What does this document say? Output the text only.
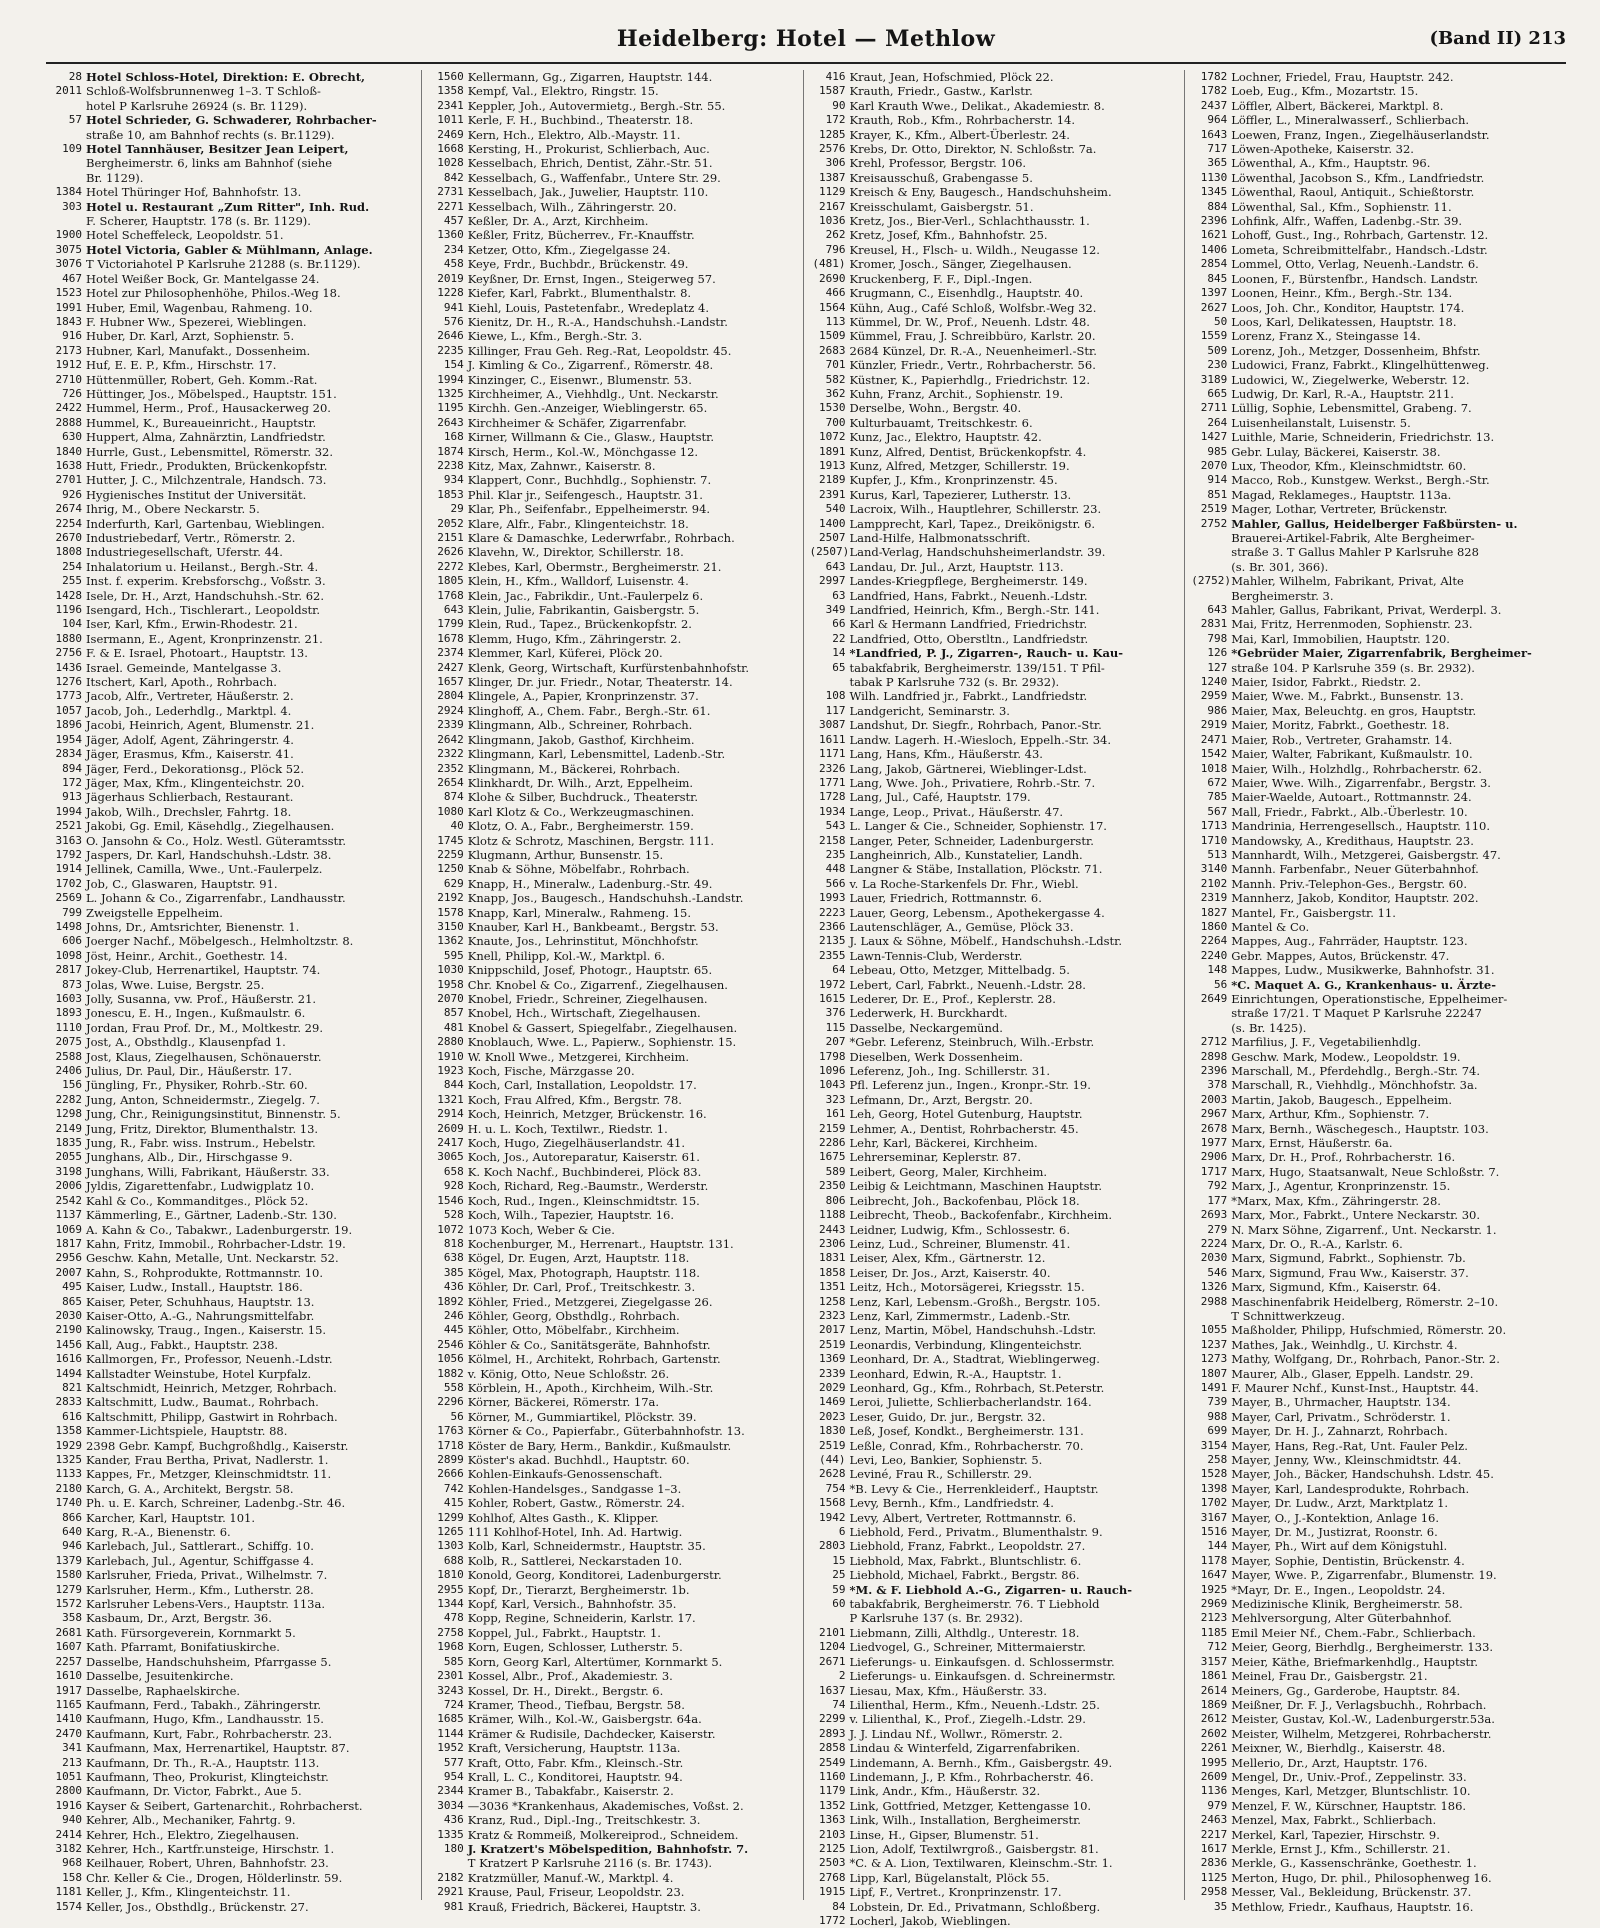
Heidelberg: Hotel — Methlow	(Band II) 213
28 Hotel Schloss-Hotel, Direktion: E. Obrecht,
2011 Schloß-Wolfsbrunnenweg 1–3. T Schloß-
hotel P Karlsruhe 26924 (s. Br. 1129).
57 Hotel Schrieder, G. Schwaderer, Rohrbacher-
straße 10, am Bahnhof rechts (s. Br.1129).
109 Hotel Tannhäuser, Besitzer Jean Leipert,
Bergheimerstr. 6, links am Bahnhof (siehe
Br. 1129).
1384 Hotel Thüringer Hof, Bahnhofstr. 13.
303 Hotel u. Restaurant „Zum Ritter", Inh. Rud.
F. Scherer, Hauptstr. 178 (s. Br. 1129).
1900 Hotel Scheffeleck, Leopoldstr. 51.
3075 Hotel Victoria, Gabler & Mühlmann, Anlage.
3076 T Victoriahotel P Karlsruhe 21288 (s. Br.1129).
467 Hotel Weißer Bock, Gr. Mantelgasse 24.
1523 Hotel zur Philosophenhöhe, Philos.-Weg 18.
1991 Huber, Emil, Wagenbau, Rahmeng. 10.
1843 F. Hubner Ww., Spezerei, Wieblingen.
916 Huber, Dr. Karl, Arzt, Sophienstr. 5.
2173 Hubner, Karl, Manufakt., Dossenheim.
1912 Huf, E. E. P., Kfm., Hirschstr. 17.
2710 Hüttenmüller, Robert, Geh. Komm.-Rat.
726 Hüttinger, Jos., Möbelsped., Hauptstr. 151.
2422 Hummel, Herm., Prof., Hausackerweg 20.
2888 Hummel, K., Bureaueinricht., Hauptstr.
630 Huppert, Alma, Zahnärztin, Landfriedstr.
1840 Hurrle, Gust., Lebensmittel, Römerstr. 32.
1638 Hutt, Friedr., Produkten, Brückenkopfstr.
2701 Hutter, J. C., Milchzentrale, Handsch. 73.
926 Hygienisches Institut der Universität.
2674 Ihrig, M., Obere Neckarstr. 5.
2254 Inderfurth, Karl, Gartenbau, Wieblingen.
2670 Industriebedarf, Vertr., Römerstr. 2.
1808 Industriegesellschaft, Uferstr. 44.
254 Inhalatorium u. Heilanst., Bergh.-Str. 4.
255 Inst. f. experim. Krebsforschg., Voßstr. 3.
1428 Isele, Dr. H., Arzt, Handschuhsh.-Str. 62.
1196 Isengard, Hch., Tischlerart., Leopoldstr.
104 Iser, Karl, Kfm., Erwin-Rhodestr. 21.
1880 Isermann, E., Agent, Kronprinzenstr. 21.
2756 F. & E. Israel, Photoart., Hauptstr. 13.
1436 Israel. Gemeinde, Mantelgasse 3.
1276 Itschert, Karl, Apoth., Rohrbach.
1773 Jacob, Alfr., Vertreter, Häußerstr. 2.
1057 Jacob, Joh., Lederhdlg., Marktpl. 4.
1896 Jacobi, Heinrich, Agent, Blumenstr. 21.
1954 Jäger, Adolf, Agent, Zähringerstr. 4.
2834 Jäger, Erasmus, Kfm., Kaiserstr. 41.
894 Jäger, Ferd., Dekorationsg., Plöck 52.
172 Jäger, Max, Kfm., Klingenteichstr. 20.
913 Jägerhaus Schlierbach, Restaurant.
1994 Jakob, Wilh., Drechsler, Fahrtg. 18.
2521 Jakobi, Gg. Emil, Käsehdlg., Ziegelhausen.
3163 O. Jansohn & Co., Holz. Westl. Güteramtsstr.
1792 Jaspers, Dr. Karl, Handschuhsh.-Ldstr. 38.
1914 Jellinek, Camilla, Wwe., Unt.-Faulerpelz.
1702 Job, C., Glaswaren, Hauptstr. 91.
2569 L. Johann & Co., Zigarrenfabr., Landhausstr.
799 Zweigstelle Eppelheim.
1498 Johns, Dr., Amtsrichter, Bienenstr. 1.
606 Joerger Nachf., Möbelgesch., Helmholtzstr. 8.
1098 Jöst, Heinr., Archit., Goethestr. 14.
2817 Jokey-Club, Herrenartikel, Hauptstr. 74.
873 Jolas, Wwe. Luise, Bergstr. 25.
1603 Jolly, Susanna, vw. Prof., Häußerstr. 21.
1893 Jonescu, E. H., Ingen., Kußmaulstr. 6.
1110 Jordan, Frau Prof. Dr., M., Moltkestr. 29.
2075 Jost, A., Obsthdlg., Klausenpfad 1.
2588 Jost, Klaus, Ziegelhausen, Schönauerstr.
2406 Julius, Dr. Paul, Dir., Häußerstr. 17.
156 Jüngling, Fr., Physiker, Rohrb.-Str. 60.
2282 Jung, Anton, Schneidermstr., Ziegelg. 7.
1298 Jung, Chr., Reinigungsinstitut, Binnenstr. 5.
2149 Jung, Fritz, Direktor, Blumenthalstr. 13.
1835 Jung, R., Fabr. wiss. Instrum., Hebelstr.
2055 Junghans, Alb., Dir., Hirschgasse 9.
3198 Junghans, Willi, Fabrikant, Häußerstr. 33.
2006 Jyldis, Zigarettenfabr., Ludwigplatz 10.
2542 Kahl & Co., Kommanditges., Plöck 52.
1137 Kämmerling, E., Gärtner, Ladenb.-Str. 130.
1069 A. Kahn & Co., Tabakwr., Ladenburgerstr. 19.
1817 Kahn, Fritz, Immobil., Rohrbacher-Ldstr. 19.
2956 Geschw. Kahn, Metalle, Unt. Neckarstr. 52.
2007 Kahn, S., Rohprodukte, Rottmannstr. 10.
495 Kaiser, Ludw., Install., Hauptstr. 186.
865 Kaiser, Peter, Schuhhaus, Hauptstr. 13.
2030 Kaiser-Otto, A.-G., Nahrungsmittelfabr.
2190 Kalinowsky, Traug., Ingen., Kaiserstr. 15.
1456 Kall, Aug., Fabkt., Hauptstr. 238.
1616 Kallmorgen, Fr., Professor, Neuenh.-Ldstr.
1494 Kallstadter Weinstube, Hotel Kurpfalz.
821 Kaltschmidt, Heinrich, Metzger, Rohrbach.
2833 Kaltschmitt, Ludw., Baumat., Rohrbach.
616 Kaltschmitt, Philipp, Gastwirt in Rohrbach.
1358 Kammer-Lichtspiele, Hauptstr. 88.
1929 2398 Gebr. Kampf, Buchgroßhdlg., Kaiserstr.
1325 Kander, Frau Bertha, Privat, Nadlerstr. 1.
1133 Kappes, Fr., Metzger, Kleinschmidtstr. 11.
2180 Karch, G. A., Architekt, Bergstr. 58.
1740 Ph. u. E. Karch, Schreiner, Ladenbg.-Str. 46.
866 Karcher, Karl, Hauptstr. 101.
640 Karg, R.-A., Bienenstr. 6.
946 Karlebach, Jul., Sattlerart., Schiffg. 10.
1379 Karlebach, Jul., Agentur, Schiffgasse 4.
1580 Karlsruher, Frieda, Privat., Wilhelmstr. 7.
1279 Karlsruher, Herm., Kfm., Lutherstr. 28.
1572 Karlsruher Lebens-Vers., Hauptstr. 113a.
358 Kasbaum, Dr., Arzt, Bergstr. 36.
2681 Kath. Fürsorgeverein, Kornmarkt 5.
1607 Kath. Pfarramt, Bonifatiuskirche.
2257 Dasselbe, Handschuhsheim, Pfarrgasse 5.
1610 Dasselbe, Jesuitenkirche.
1917 Dasselbe, Raphaelskirche.
1165 Kaufmann, Ferd., Tabakh., Zähringerstr.
1410 Kaufmann, Hugo, Kfm., Landhausstr. 15.
2470 Kaufmann, Kurt, Fabr., Rohrbacherstr. 23.
341 Kaufmann, Max, Herrenartikel, Hauptstr. 87.
213 Kaufmann, Dr. Th., R.-A., Hauptstr. 113.
1051 Kaufmann, Theo, Prokurist, Klingteichstr.
2800 Kaufmann, Dr. Victor, Fabrkt., Aue 5.
1916 Kayser & Seibert, Gartenarchit., Rohrbacherst.
940 Kehrer, Alb., Mechaniker, Fahrtg. 9.
2414 Kehrer, Hch., Elektro, Ziegelhausen.
3182 Kehrer, Hch., Kartfr.unsteige, Hirschstr. 1.
968 Keilhauer, Robert, Uhren, Bahnhofstr. 23.
158 Chr. Keller & Cie., Drogen, Hölderlinstr. 59.
1181 Keller, J., Kfm., Klingenteichstr. 11.
1574 Keller, Jos., Obsthdlg., Brückenstr. 27.
1560 Kellermann, Gg., Zigarren, Hauptstr. 144.
1358 Kempf, Val., Elektro, Ringstr. 15.
2341 Keppler, Joh., Autovermietg., Bergh.-Str. 55.
1011 Kerle, F. H., Buchbind., Theaterstr. 18.
2469 Kern, Hch., Elektro, Alb.-Maystr. 11.
1668 Kersting, H., Prokurist, Schlierbach, Auc.
1028 Kesselbach, Ehrich, Dentist, Zähr.-Str. 51.
842 Kesselbach, G., Waffenfabr., Untere Str. 29.
2731 Kesselbach, Jak., Juwelier, Hauptstr. 110.
2271 Kesselbach, Wilh., Zähringerstr. 20.
457 Keßler, Dr. A., Arzt, Kirchheim.
1360 Keßler, Fritz, Bücherrev., Fr.-Knauffstr.
234 Ketzer, Otto, Kfm., Ziegelgasse 24.
458 Keye, Frdr., Buchbdr., Brückenstr. 49.
2019 Keyßner, Dr. Ernst, Ingen., Steigerweg 57.
1228 Kiefer, Karl, Fabrkt., Blumenthalstr. 8.
941 Kiehl, Louis, Pastetenfabr., Wredeplatz 4.
576 Kienitz, Dr. H., R.-A., Handschuhsh.-Landstr.
2646 Kiewe, L., Kfm., Bergh.-Str. 3.
2235 Killinger, Frau Geh. Reg.-Rat, Leopoldstr. 45.
154 J. Kimling & Co., Zigarrenf., Römerstr. 48.
1994 Kinzinger, C., Eisenwr., Blumenstr. 53.
1325 Kirchheimer, A., Viehhdlg., Unt. Neckarstr.
1195 Kirchh. Gen.-Anzeiger, Wieblingerstr. 65.
2643 Kirchheimer & Schäfer, Zigarrenfabr.
168 Kirner, Willmann & Cie., Glasw., Hauptstr.
1874 Kirsch, Herm., Kol.-W., Mönchgasse 12.
2238 Kitz, Max, Zahnwr., Kaiserstr. 8.
934 Klappert, Conr., Buchhdlg., Sophienstr. 7.
1853 Phil. Klar jr., Seifengesch., Hauptstr. 31.
29 Klar, Ph., Seifenfabr., Eppelheimerstr. 94.
2052 Klare, Alfr., Fabr., Klingenteichstr. 18.
2151 Klare & Damaschke, Lederwrfabr., Rohrbach.
2626 Klavehn, W., Direktor, Schillerstr. 18.
2272 Klebes, Karl, Obermstr., Bergheimerstr. 21.
1805 Klein, H., Kfm., Walldorf, Luisenstr. 4.
1768 Klein, Jac., Fabrikdir., Unt.-Faulerpelz 6.
643 Klein, Julie, Fabrikantin, Gaisbergstr. 5.
1799 Klein, Rud., Tapez., Brückenkopfstr. 2.
1678 Klemm, Hugo, Kfm., Zähringerstr. 2.
2374 Klemmer, Karl, Küferei, Plöck 20.
2427 Klenk, Georg, Wirtschaft, Kurfürstenbahnhofstr.
1657 Klinger, Dr. jur. Friedr., Notar, Theaterstr. 14.
2804 Klingele, A., Papier, Kronprinzenstr. 37.
2924 Klinghoff, A., Chem. Fabr., Bergh.-Str. 61.
2339 Klingmann, Alb., Schreiner, Rohrbach.
2642 Klingmann, Jakob, Gasthof, Kirchheim.
2322 Klingmann, Karl, Lebensmittel, Ladenb.-Str.
2352 Klingmann, M., Bäckerei, Rohrbach.
2654 Klinkhardt, Dr. Wilh., Arzt, Eppelheim.
874 Klohe & Silber, Buchdruck., Theaterstr.
1080 Karl Klotz & Co., Werkzeugmaschinen.
40 Klotz, O. A., Fabr., Bergheimerstr. 159.
1745 Klotz & Schrotz, Maschinen, Bergstr. 111.
2259 Klugmann, Arthur, Bunsenstr. 15.
1250 Knab & Söhne, Möbelfabr., Rohrbach.
629 Knapp, H., Mineralw., Ladenburg.-Str. 49.
2192 Knapp, Jos., Baugesch., Handschuhsh.-Landstr.
1578 Knapp, Karl, Mineralw., Rahmeng. 15.
3150 Knauber, Karl H., Bankbeamt., Bergstr. 53.
1362 Knaute, Jos., Lehrinstitut, Mönchhofstr.
595 Knell, Philipp, Kol.-W., Marktpl. 6.
1030 Knippschild, Josef, Photogr., Hauptstr. 65.
1958 Chr. Knobel & Co., Zigarrenf., Ziegelhausen.
2070 Knobel, Friedr., Schreiner, Ziegelhausen.
857 Knobel, Hch., Wirtschaft, Ziegelhausen.
481 Knobel & Gassert, Spiegelfabr., Ziegelhausen.
2880 Knoblauch, Wwe. L., Papierw., Sophienstr. 15.
1910 W. Knoll Wwe., Metzgerei, Kirchheim.
1923 Koch, Fische, Märzgasse 20.
844 Koch, Carl, Installation, Leopoldstr. 17.
1321 Koch, Frau Alfred, Kfm., Bergstr. 78.
2914 Koch, Heinrich, Metzger, Brückenstr. 16.
2609 H. u. L. Koch, Textilwr., Riedstr. 1.
2417 Koch, Hugo, Ziegelhäuserlandstr. 41.
3065 Koch, Jos., Autoreparatur, Kaiserstr. 61.
658 K. Koch Nachf., Buchbinderei, Plöck 83.
928 Koch, Richard, Reg.-Baumstr., Werderstr.
1546 Koch, Rud., Ingen., Kleinschmidtstr. 15.
528 Koch, Wilh., Tapezier, Hauptstr. 16.
1072 1073 Koch, Weber & Cie.
818 Kochenburger, M., Herrenart., Hauptstr. 131.
638 Kögel, Dr. Eugen, Arzt, Hauptstr. 118.
385 Kögel, Max, Photograph, Hauptstr. 118.
436 Köhler, Dr. Carl, Prof., Treitschkestr. 3.
1892 Köhler, Fried., Metzgerei, Ziegelgasse 26.
246 Köhler, Georg, Obsthdlg., Rohrbach.
445 Köhler, Otto, Möbelfabr., Kirchheim.
2546 Köhler & Co., Sanitätsgeräte, Bahnhofstr.
1056 Kölmel, H., Architekt, Rohrbach, Gartenstr.
1882 v. König, Otto, Neue Schloßstr. 26.
558 Körblein, H., Apoth., Kirchheim, Wilh.-Str.
2296 Körner, Bäckerei, Römerstr. 17a.
56 Körner, M., Gummiartikel, Plöckstr. 39.
1763 Körner & Co., Papierfabr., Güterbahnhofstr. 13.
1718 Köster de Bary, Herm., Bankdir., Kußmaulstr.
2899 Köster's akad. Buchhdl., Hauptstr. 60.
2666 Kohlen-Einkaufs-Genossenschaft.
742 Kohlen-Handelsges., Sandgasse 1–3.
415 Kohler, Robert, Gastw., Römerstr. 24.
1299 Kohlhof, Altes Gasth., K. Klipper.
1265 111 Kohlhof-Hotel, Inh. Ad. Hartwig.
1303 Kolb, Karl, Schneidermstr., Hauptstr. 35.
688 Kolb, R., Sattlerei, Neckarstaden 10.
1810 Konold, Georg, Konditorei, Ladenburgerstr.
2955 Kopf, Dr., Tierarzt, Bergheimerstr. 1b.
1344 Kopf, Karl, Versich., Bahnhofstr. 35.
478 Kopp, Regine, Schneiderin, Karlstr. 17.
2758 Koppel, Jul., Fabrkt., Hauptstr. 1.
1968 Korn, Eugen, Schlosser, Lutherstr. 5.
585 Korn, Georg Karl, Altertümer, Kornmarkt 5.
2301 Kossel, Albr., Prof., Akademiestr. 3.
3243 Kossel, Dr. H., Direkt., Bergstr. 6.
724 Kramer, Theod., Tiefbau, Bergstr. 58.
1685 Krämer, Wilh., Kol.-W., Gaisbergstr. 64a.
1144 Krämer & Rudisile, Dachdecker, Kaiserstr.
1952 Kraft, Versicherung, Hauptstr. 113a.
577 Kraft, Otto, Fabr. Kfm., Kleinsch.-Str.
954 Krall, L. C., Konditorei, Hauptstr. 94.
2344 Kramer B., Tabakfabr., Kaiserstr. 2.
3034 —3036 *Krankenhaus, Akademisches, Voßst. 2.
436 Kranz, Rud., Dipl.-Ing., Treitschkestr. 3.
1335 Kratz & Rommeiß, Molkereiprod., Schneidem.
180 J. Kratzert's Möbelspedition, Bahnhofstr. 7.
T Kratzert P Karlsruhe 2116 (s. Br. 1743).
2182 Kratzmüller, Manuf.-W., Marktpl. 4.
2921 Krause, Paul, Friseur, Leopoldstr. 23.
981 Krauß, Friedrich, Bäckerei, Hauptstr. 3.
416 Kraut, Jean, Hofschmied, Plöck 22.
1587 Krauth, Friedr., Gastw., Karlstr.
90 Karl Krauth Wwe., Delikat., Akademiestr. 8.
172 Krauth, Rob., Kfm., Rohrbacherstr. 14.
1285 Krayer, K., Kfm., Albert-Überlestr. 24.
2576 Krebs, Dr. Otto, Direktor, N. Schloßstr. 7a.
306 Krehl, Professor, Bergstr. 106.
1387 Kreisausschuß, Grabengasse 5.
1129 Kreisch & Eny, Baugesch., Handschuhsheim.
2167 Kreisschulamt, Gaisbergstr. 51.
1036 Kretz, Jos., Bier-Verl., Schlachthausstr. 1.
262 Kretz, Josef, Kfm., Bahnhofstr. 25.
796 Kreusel, H., Flsch- u. Wildh., Neugasse 12.
(481) Kromer, Josch., Sänger, Ziegelhausen.
2690 Kruckenberg, F. F., Dipl.-Ingen.
466 Krugmann, C., Eisenhdlg., Hauptstr. 40.
1564 Kühn, Aug., Café Schloß, Wolfsbr.-Weg 32.
113 Kümmel, Dr. W., Prof., Neuenh. Ldstr. 48.
1509 Kümmel, Frau, J. Schreibbüro, Karlstr. 20.
2683 2684 Künzel, Dr. R.-A., Neuenheimerl.-Str.
701 Künzler, Friedr., Vertr., Rohrbacherstr. 56.
582 Küstner, K., Papierhdlg., Friedrichstr. 12.
362 Kuhn, Franz, Archit., Sophienstr. 19.
1530 Derselbe, Wohn., Bergstr. 40.
700 Kulturbauamt, Treitschkestr. 6.
1072 Kunz, Jac., Elektro, Hauptstr. 42.
1891 Kunz, Alfred, Dentist, Brückenkopfstr. 4.
1913 Kunz, Alfred, Metzger, Schillerstr. 19.
2189 Kupfer, J., Kfm., Kronprinzenstr. 45.
2391 Kurus, Karl, Tapezierer, Lutherstr. 13.
540 Lacroix, Wilh., Hauptlehrer, Schillerstr. 23.
1400 Lampprecht, Karl, Tapez., Dreikönigstr. 6.
2507 Land-Hilfe, Halbmonatsschrift.
(2507) Land-Verlag, Handschuhsheimerlandstr. 39.
643 Landau, Dr. Jul., Arzt, Hauptstr. 113.
2997 Landes-Kriegpflege, Bergheimerstr. 149.
63 Landfried, Hans, Fabrkt., Neuenh.-Ldstr.
349 Landfried, Heinrich, Kfm., Bergh.-Str. 141.
66 Karl & Hermann Landfried, Friedrichstr.
22 Landfried, Otto, Oberstltn., Landfriedstr.
14 *Landfried, P. J., Zigarren-, Rauch- u. Kau-
65 tabakfabrik, Bergheimerstr. 139/151. T Pfil-
tabak P Karlsruhe 732 (s. Br. 2932).
108 Wilh. Landfried jr., Fabrkt., Landfriedstr.
117 Landgericht, Seminarstr. 3.
3087 Landshut, Dr. Siegfr., Rohrbach, Panor.-Str.
1611 Landw. Lagerh. H.-Wiesloch, Eppelh.-Str. 34.
1171 Lang, Hans, Kfm., Häußerstr. 43.
2326 Lang, Jakob, Gärtnerei, Wieblinger-Ldst.
1771 Lang, Wwe. Joh., Privatiere, Rohrb.-Str. 7.
1728 Lang, Jul., Café, Hauptstr. 179.
1934 Lange, Leop., Privat., Häußerstr. 47.
543 L. Langer & Cie., Schneider, Sophienstr. 17.
2158 Langer, Peter, Schneider, Ladenburgerstr.
235 Langheinrich, Alb., Kunstatelier, Landh.
448 Langner & Stäbe, Installation, Plöckstr. 71.
566 v. La Roche-Starkenfels Dr. Fhr., Wiebl.
1993 Lauer, Friedrich, Rottmannstr. 6.
2223 Lauer, Georg, Lebensm., Apothekergasse 4.
2366 Lautenschläger, A., Gemüse, Plöck 33.
2135 J. Laux & Söhne, Möbelf., Handschuhsh.-Ldstr.
2355 Lawn-Tennis-Club, Werderstr.
64 Lebeau, Otto, Metzger, Mittelbadg. 5.
1972 Lebert, Carl, Fabrkt., Neuenh.-Ldstr. 28.
1615 Lederer, Dr. E., Prof., Keplerstr. 28.
376 Lederwerk, H. Burckhardt.
115 Dasselbe, Neckargemünd.
207 *Gebr. Leferenz, Steinbruch, Wilh.-Erbstr.
1798 Dieselben, Werk Dossenheim.
1096 Leferenz, Joh., Ing. Schillerstr. 31.
1043 Pfl. Leferenz jun., Ingen., Kronpr.-Str. 19.
323 Lefmann, Dr., Arzt, Bergstr. 20.
161 Leh, Georg, Hotel Gutenburg, Hauptstr.
2159 Lehmer, A., Dentist, Rohrbacherstr. 45.
2286 Lehr, Karl, Bäckerei, Kirchheim.
1675 Lehrerseminar, Keplerstr. 87.
589 Leibert, Georg, Maler, Kirchheim.
2350 Leibig & Leichtmann, Maschinen Hauptstr.
806 Leibrecht, Joh., Backofenbau, Plöck 18.
1188 Leibrecht, Theob., Backofenfabr., Kirchheim.
2443 Leidner, Ludwig, Kfm., Schlossestr. 6.
2306 Leinz, Lud., Schreiner, Blumenstr. 41.
1831 Leiser, Alex, Kfm., Gärtnerstr. 12.
1858 Leiser, Dr. Jos., Arzt, Kaiserstr. 40.
1351 Leitz, Hch., Motorsägerei, Kriegsstr. 15.
1258 Lenz, Karl, Lebensm.-Großh., Bergstr. 105.
2323 Lenz, Karl, Zimmermstr., Ladenb.-Str.
2017 Lenz, Martin, Möbel, Handschuhsh.-Ldstr.
2519 Leonardis, Verbindung, Klingenteichstr.
1369 Leonhard, Dr. A., Stadtrat, Wieblingerweg.
2339 Leonhard, Edwin, R.-A., Hauptstr. 1.
2029 Leonhard, Gg., Kfm., Rohrbach, St.Peterstr.
1469 Leroi, Juliette, Schlierbacherlandstr. 164.
2023 Leser, Guido, Dr. jur., Bergstr. 32.
1830 Leß, Josef, Kondkt., Bergheimerstr. 131.
2519 Leßle, Conrad, Kfm., Rohrbacherstr. 70.
(44) Levi, Leo, Bankier, Sophienstr. 5.
2628 Leviné, Frau R., Schillerstr. 29.
754 *B. Levy & Cie., Herrenkleiderf., Hauptstr.
1568 Levy, Bernh., Kfm., Landfriedstr. 4.
1942 Levy, Albert, Vertreter, Rottmannstr. 6.
6 Liebhold, Ferd., Privatm., Blumenthalstr. 9.
2803 Liebhold, Franz, Fabrkt., Leopoldstr. 27.
15 Liebhold, Max, Fabrkt., Bluntschlistr. 6.
25 Liebhold, Michael, Fabrkt., Bergstr. 86.
59 *M. & F. Liebhold A.-G., Zigarren- u. Rauch-
60 tabakfabrik, Bergheimerstr. 76. T Liebhold
P Karlsruhe 137 (s. Br. 2932).
2101 Liebmann, Zilli, Althdlg., Unterestr. 18.
1204 Liedvogel, G., Schreiner, Mittermaierstr.
2671 Lieferungs- u. Einkaufsgen. d. Schlossermstr.
2 Lieferungs- u. Einkaufsgen. d. Schreinermstr.
1637 Liesau, Max, Kfm., Häußerstr. 33.
74 Lilienthal, Herm., Kfm., Neuenh.-Ldstr. 25.
2299 v. Lilienthal, K., Prof., Ziegelh.-Ldstr. 29.
2893 J. J. Lindau Nf., Wollwr., Römerstr. 2.
2858 Lindau & Winterfeld, Zigarrenfabriken.
2549 Lindemann, A. Bernh., Kfm., Gaisbergstr. 49.
1160 Lindemann, J., P. Kfm., Rohrbacherstr. 46.
1179 Link, Andr., Kfm., Häußerstr. 32.
1352 Link, Gottfried, Metzger, Kettengasse 10.
1363 Link, Wilh., Installation, Bergheimerstr.
2103 Linse, H., Gipser, Blumenstr. 51.
2125 Lion, Adolf, Textilwrgroß., Gaisbergstr. 81.
2503 *C. & A. Lion, Textilwaren, Kleinschm.-Str. 1.
2768 Lipp, Karl, Bügelanstalt, Plöck 55.
1915 Lipf, F., Vertret., Kronprinzenstr. 17.
84 Lobstein, Dr. Ed., Privatmann, Schloßberg.
1772 Locherl, Jakob, Wieblingen.
1782 Lochner, Friedel, Frau, Hauptstr. 242.
1782 Loeb, Eug., Kfm., Mozartstr. 15.
2437 Löffler, Albert, Bäckerei, Marktpl. 8.
964 Löffler, L., Mineralwasserf., Schlierbach.
1643 Loewen, Franz, Ingen., Ziegelhäuserlandstr.
717 Löwen-Apotheke, Kaiserstr. 32.
365 Löwenthal, A., Kfm., Hauptstr. 96.
1130 Löwenthal, Jacobson S., Kfm., Landfriedstr.
1345 Löwenthal, Raoul, Antiquit., Schießtorstr.
884 Löwenthal, Sal., Kfm., Sophienstr. 11.
2396 Lohfink, Alfr., Waffen, Ladenbg.-Str. 39.
1621 Lohoff, Gust., Ing., Rohrbach, Gartenstr. 12.
1406 Lometa, Schreibmittelfabr., Handsch.-Ldstr.
2854 Lommel, Otto, Verlag, Neuenh.-Landstr. 6.
845 Loonen, F., Bürstenfbr., Handsch. Landstr.
1397 Loonen, Heinr., Kfm., Bergh.-Str. 134.
2627 Loos, Joh. Chr., Konditor, Hauptstr. 174.
50 Loos, Karl, Delikatessen, Hauptstr. 18.
1559 Lorenz, Franz X., Steingasse 14.
509 Lorenz, Joh., Metzger, Dossenheim, Bhfstr.
230 Ludowici, Franz, Fabrkt., Klingelhüttenweg.
3189 Ludowici, W., Ziegelwerke, Weberstr. 12.
665 Ludwig, Dr. Karl, R.-A., Hauptstr. 211.
2711 Lüllig, Sophie, Lebensmittel, Grabeng. 7.
264 Luisenheilanstalt, Luisenstr. 5.
1427 Luithle, Marie, Schneiderin, Friedrichstr. 13.
985 Gebr. Lulay, Bäckerei, Kaiserstr. 38.
2070 Lux, Theodor, Kfm., Kleinschmidtstr. 60.
914 Macco, Rob., Kunstgew. Werkst., Bergh.-Str.
851 Magad, Reklameges., Hauptstr. 113a.
2519 Mager, Lothar, Vertreter, Brückenstr.
2752 Mahler, Gallus, Heidelberger Faßbürsten- u.
Brauerei-Artikel-Fabrik, Alte Bergheimer-
straße 3. T Gallus Mahler P Karlsruhe 828
(s. Br. 301, 366).
(2752) Mahler, Wilhelm, Fabrikant, Privat, Alte
Bergheimerstr. 3.
643 Mahler, Gallus, Fabrikant, Privat, Werderpl. 3.
2831 Mai, Fritz, Herrenmoden, Sophienstr. 23.
798 Mai, Karl, Immobilien, Hauptstr. 120.
126 *Gebrüder Maier, Zigarrenfabrik, Bergheimer-
127 straße 104. P Karlsruhe 359 (s. Br. 2932).
1240 Maier, Isidor, Fabrkt., Riedstr. 2.
2959 Maier, Wwe. M., Fabrkt., Bunsenstr. 13.
986 Maier, Max, Beleuchtg. en gros, Hauptstr.
2919 Maier, Moritz, Fabrkt., Goethestr. 18.
2471 Maier, Rob., Vertreter, Grahamstr. 14.
1542 Maier, Walter, Fabrikant, Kußmaulstr. 10.
1018 Maier, Wilh., Holzhdlg., Rohrbacherstr. 62.
672 Maier, Wwe. Wilh., Zigarrenfabr., Bergstr. 3.
785 Maier-Waelde, Autoart., Rottmannstr. 24.
567 Mall, Friedr., Fabrkt., Alb.-Überlestr. 10.
1713 Mandrinia, Herrengesellsch., Hauptstr. 110.
1710 Mandowsky, A., Kredithaus, Hauptstr. 23.
513 Mannhardt, Wilh., Metzgerei, Gaisbergstr. 47.
3140 Mannh. Farbenfabr., Neuer Güterbahnhof.
2102 Mannh. Priv.-Telephon-Ges., Bergstr. 60.
2319 Mannherz, Jakob, Konditor, Hauptstr. 202.
1827 Mantel, Fr., Gaisbergstr. 11.
1860 Mantel & Co.
2264 Mappes, Aug., Fahrräder, Hauptstr. 123.
2240 Gebr. Mappes, Autos, Brückenstr. 47.
148 Mappes, Ludw., Musikwerke, Bahnhofstr. 31.
56 *C. Maquet A. G., Krankenhaus- u. Ärzte-
2649 Einrichtungen, Operationstische, Eppelheimer-
straße 17/21. T Maquet P Karlsruhe 22247
(s. Br. 1425).
2712 Marfilius, J. F., Vegetabilienhdlg.
2898 Geschw. Mark, Modew., Leopoldstr. 19.
2396 Marschall, M., Pferdehdlg., Bergh.-Str. 74.
378 Marschall, R., Viehhdlg., Mönchhofstr. 3a.
2003 Martin, Jakob, Baugesch., Eppelheim.
2967 Marx, Arthur, Kfm., Sophienstr. 7.
2678 Marx, Bernh., Wäschegesch., Hauptstr. 103.
1977 Marx, Ernst, Häußerstr. 6a.
2906 Marx, Dr. H., Prof., Rohrbacherstr. 16.
1717 Marx, Hugo, Staatsanwalt, Neue Schloßstr. 7.
792 Marx, J., Agentur, Kronprinzenstr. 15.
177 *Marx, Max, Kfm., Zähringerstr. 28.
2693 Marx, Mor., Fabrkt., Untere Neckarstr. 30.
279 N. Marx Söhne, Zigarrenf., Unt. Neckarstr. 1.
2224 Marx, Dr. O., R.-A., Karlstr. 6.
2030 Marx, Sigmund, Fabrkt., Sophienstr. 7b.
546 Marx, Sigmund, Frau Ww., Kaiserstr. 37.
1326 Marx, Sigmund, Kfm., Kaiserstr. 64.
2988 Maschinenfabrik Heidelberg, Römerstr. 2–10.
T Schnittwerkzeug.
1055 Maßholder, Philipp, Hufschmied, Römerstr. 20.
1237 Mathes, Jak., Weinhdlg., U. Kirchstr. 4.
1273 Mathy, Wolfgang, Dr., Rohrbach, Panor.-Str. 2.
1807 Maurer, Alb., Glaser, Eppelh. Landstr. 29.
1491 F. Maurer Nchf., Kunst-Inst., Hauptstr. 44.
739 Mayer, B., Uhrmacher, Hauptstr. 134.
988 Mayer, Carl, Privatm., Schröderstr. 1.
699 Mayer, Dr. H. J., Zahnarzt, Rohrbach.
3154 Mayer, Hans, Reg.-Rat, Unt. Fauler Pelz.
258 Mayer, Jenny, Ww., Kleinschmidtstr. 44.
1528 Mayer, Joh., Bäcker, Handschuhsh. Ldstr. 45.
1398 Mayer, Karl, Landesprodukte, Rohrbach.
1702 Mayer, Dr. Ludw., Arzt, Marktplatz 1.
3167 Mayer, O., J.-Kontektion, Anlage 16.
1516 Mayer, Dr. M., Justizrat, Roonstr. 6.
144 Mayer, Ph., Wirt auf dem Königstuhl.
1178 Mayer, Sophie, Dentistin, Brückenstr. 4.
1647 Mayer, Wwe. P., Zigarrenfabr., Blumenstr. 19.
1925 *Mayr, Dr. E., Ingen., Leopoldstr. 24.
2969 Medizinische Klinik, Bergheimerstr. 58.
2123 Mehlversorgung, Alter Güterbahnhof.
1185 Emil Meier Nf., Chem.-Fabr., Schlierbach.
712 Meier, Georg, Bierhdlg., Bergheimerstr. 133.
3157 Meier, Käthe, Briefmarkenhdlg., Hauptstr.
1861 Meinel, Frau Dr., Gaisbergstr. 21.
2614 Meiners, Gg., Garderobe, Hauptstr. 84.
1869 Meißner, Dr. F. J., Verlagsbuchh., Rohrbach.
2612 Meister, Gustav, Kol.-W., Ladenburgerstr.53a.
2602 Meister, Wilhelm, Metzgerei, Rohrbacherstr.
2261 Meixner, W., Bierhdlg., Kaiserstr. 48.
1995 Mellerio, Dr., Arzt, Hauptstr. 176.
2609 Mengel, Dr., Univ.-Prof., Zeppelinstr. 33.
1136 Menges, Karl, Metzger, Bluntschlistr. 10.
979 Menzel, F. W., Kürschner, Hauptstr. 186.
2463 Menzel, Max, Fabrkt., Schlierbach.
2217 Merkel, Karl, Tapezier, Hirschstr. 9.
1617 Merkle, Ernst J., Kfm., Schillerstr. 21.
2836 Merkle, G., Kassenschränke, Goethestr. 1.
1125 Merton, Hugo, Dr. phil., Philosophenweg 16.
2958 Messer, Val., Bekleidung, Brückenstr. 37.
35 Methlow, Friedr., Kaufhaus, Hauptstr. 16.
